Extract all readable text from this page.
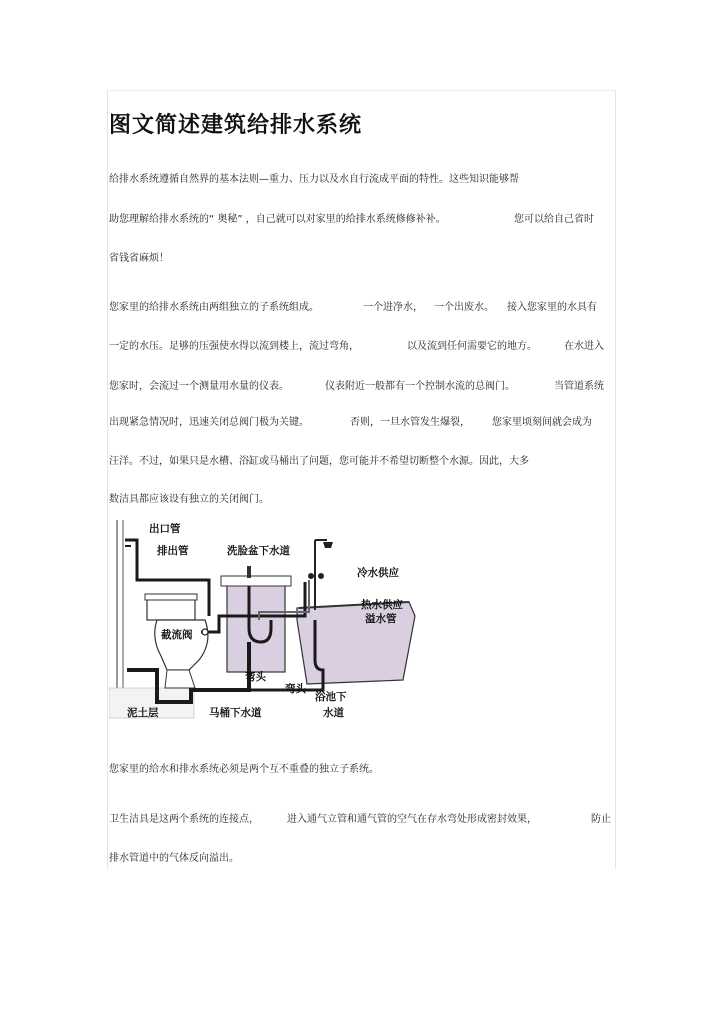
图文简述建筑给排水系统
给排水系统遵循自然界的基本法则—重力、压力以及水自行流成平面的特性。这些知识能够帮
助您理解给排水系统的“ 奥秘” ，自己就可以对家里的给排水系统修修补补。	您可以给自己省时
省钱省麻烦！
您家里的给排水系统由两组独立的子系统组成。	一个进净水， 一个出废水。 接入您家里的水具有
一定的水压。足够的压强使水得以流到楼上，流过弯角，	以及流到任何需要它的地方。	在水进入
您家时，会流过一个测量用水量的仪表。	仪表附近一般都有一个控制水流的总阀门。	当管道系统
出现紧急情况时，迅速关闭总阀门极为关键。	否则，一旦水管发生爆裂， 您家里顷刻间就会成为
汪洋。不过，如果只是水槽、浴缸或马桶出了问题，您可能并不希望切断整个水源。因此，大多
数洁具都应该设有独立的关闭阀门。
出口管
排出管	洗脸盆下水道
冷水供应
热水供应
溢水管
截流阀
弯头
弯头
浴池下
水道
马桶下水道
泥土层
您家里的给水和排水系统必须是两个互不重叠的独立子系统。
卫生洁具是这两个系统的连接点，	进入通气立管和通气管的空气在存水弯处形成密封效果，	防止
排水管道中的气体反向溢出。
